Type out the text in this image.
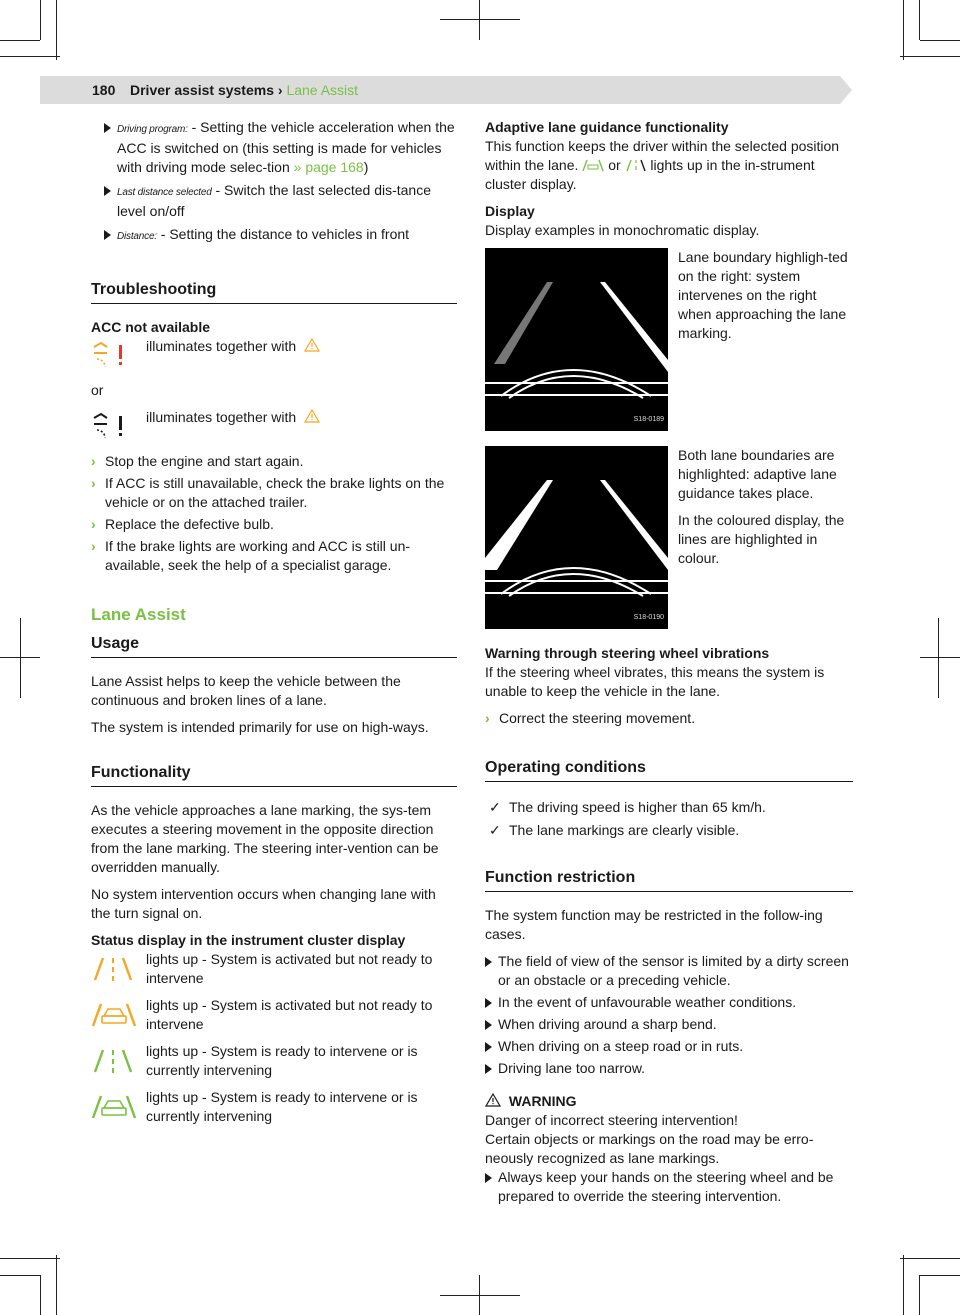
180 Driver assist systems › Lane Assist
Driving program: - Setting the vehicle acceleration when the ACC is switched on (this setting is made for vehicles with driving mode selec-tion » page 168)
Last distance selected - Switch the last selected dis-tance level on/off
Distance: - Setting the distance to vehicles in front
Troubleshooting
ACC not available
illuminates together with

or

illuminates together with
› Stop the engine and start again.
› If ACC is still unavailable, check the brake lights on the vehicle or on the attached trailer.
› Replace the defective bulb.
› If the brake lights are working and ACC is still un-available, seek the help of a specialist garage.
Lane Assist
Usage

Lane Assist helps to keep the vehicle between the continuous and broken lines of a lane.

The system is intended primarily for use on high-ways.

Functionality

As the vehicle approaches a lane marking, the sys-tem executes a steering movement in the opposite direction from the lane marking. The steering inter-vention can be overridden manually.

No system intervention occurs when changing lane with the turn signal on.

Status display in the instrument cluster display
lights up - System is activated but not ready to intervene
lights up - System is activated but not ready to intervene
lights up - System is ready to intervene or is currently intervening
lights up - System is ready to intervene or is currently intervening
Adaptive lane guidance functionality

This function keeps the driver within the selected position within the lane. or lights up in the in-strument cluster display.

Display

Display examples in monochromatic display.

S18-0189

Lane boundary highligh-ted on the right: system intervenes on the right when approaching the lane marking.

S18-0190

Both lane boundaries are highlighted: adaptive lane guidance takes place.

In the coloured display, the lines are highlighted in colour.

Warning through steering wheel vibrations

If the steering wheel vibrates, this means the system is unable to keep the vehicle in the lane.

› Correct the steering movement.
Operating conditions
✓ The driving speed is higher than 65 km/h.
✓ The lane markings are clearly visible.
Function restriction

The system function may be restricted in the follow-ing cases.

The field of view of the sensor is limited by a dirty screen or an obstacle or a preceding vehicle.
In the event of unfavourable weather conditions.
When driving around a sharp bend.
When driving on a steep road or in ruts.
Driving lane too narrow.
WARNING
Danger of incorrect steering intervention!
Certain objects or markings on the road may be erro-neously recognized as lane markings.
Always keep your hands on the steering wheel and be prepared to override the steering intervention.
